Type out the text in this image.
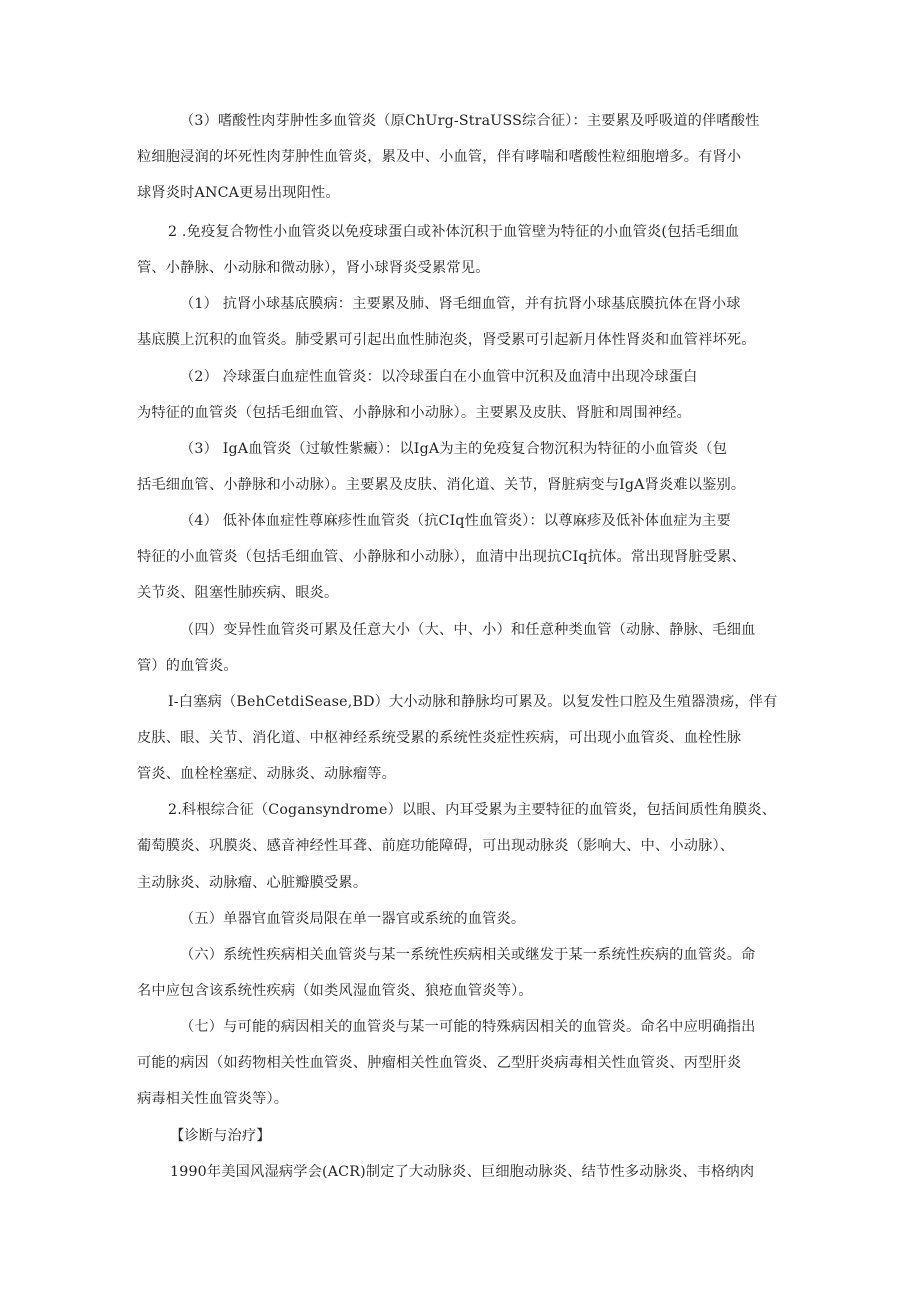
（3）嗜酸性肉芽肿性多血管炎（原ChUrg-StraUSS综合征）：主要累及呼吸道的伴嗜酸性

粒细胞浸润的坏死性肉芽肿性血管炎，累及中、小血管，伴有哮喘和嗜酸性粒细胞增多。有肾小

球肾炎时ANCA更易出现阳性。

2 .免疫复合物性小血管炎以免疫球蛋白或补体沉积于血管壁为特征的小血管炎(包括毛细血

管、小静脉、小动脉和微动脉），肾小球肾炎受累常见。

（1） 抗肾小球基底膜病：主要累及肺、肾毛细血管，并有抗肾小球基底膜抗体在肾小球

基底膜上沉积的血管炎。肺受累可引起出血性肺泡炎，肾受累可引起新月体性肾炎和血管袢坏死。

（2） 冷球蛋白血症性血管炎：以冷球蛋白在小血管中沉积及血清中出现冷球蛋白

为特征的血管炎（包括毛细血管、小静脉和小动脉）。主要累及皮肤、肾脏和周围神经。

（3） IgA血管炎（过敏性紫癜）：以IgA为主的免疫复合物沉积为特征的小血管炎（包

括毛细血管、小静脉和小动脉）。主要累及皮肤、消化道、关节，肾脏病变与IgA肾炎难以鉴别。

（4） 低补体血症性尊麻疹性血管炎（抗CIq性血管炎）：以尊麻疹及低补体血症为主要

特征的小血管炎（包括毛细血管、小静脉和小动脉），血清中出现抗CIq抗体。常出现肾脏受累、

关节炎、阻塞性肺疾病、眼炎。

（四）变异性血管炎可累及任意大小（大、中、小）和任意种类血管（动脉、静脉、毛细血

管）的血管炎。

I-白塞病（BehCetdiSease,BD）大小动脉和静脉均可累及。以复发性口腔及生殖器溃疡，伴有

皮肤、眼、关节、消化道、中枢神经系统受累的系统性炎症性疾病，可出现小血管炎、血栓性脉

管炎、血栓栓塞症、动脉炎、动脉瘤等。

2.科根综合征（Cogansyndrome）以眼、内耳受累为主要特征的血管炎，包括间质性角膜炎、

葡萄膜炎、巩膜炎、感音神经性耳聋、前庭功能障碍，可出现动脉炎（影响大、中、小动脉）、

主动脉炎、动脉瘤、心脏瓣膜受累。

（五）单器官血管炎局限在单一器官或系统的血管炎。

（六）系统性疾病相关血管炎与某一系统性疾病相关或继发于某一系统性疾病的血管炎。命

名中应包含该系统性疾病（如类风湿血管炎、狼疮血管炎等）。

（七）与可能的病因相关的血管炎与某一可能的特殊病因相关的血管炎。命名中应明确指出

可能的病因（如药物相关性血管炎、肿瘤相关性血管炎、乙型肝炎病毒相关性血管炎、丙型肝炎

病毒相关性血管炎等）。

【诊断与治疗】

1990年美国风湿病学会(ACR)制定了大动脉炎、巨细胞动脉炎、结节性多动脉炎、韦格纳肉
